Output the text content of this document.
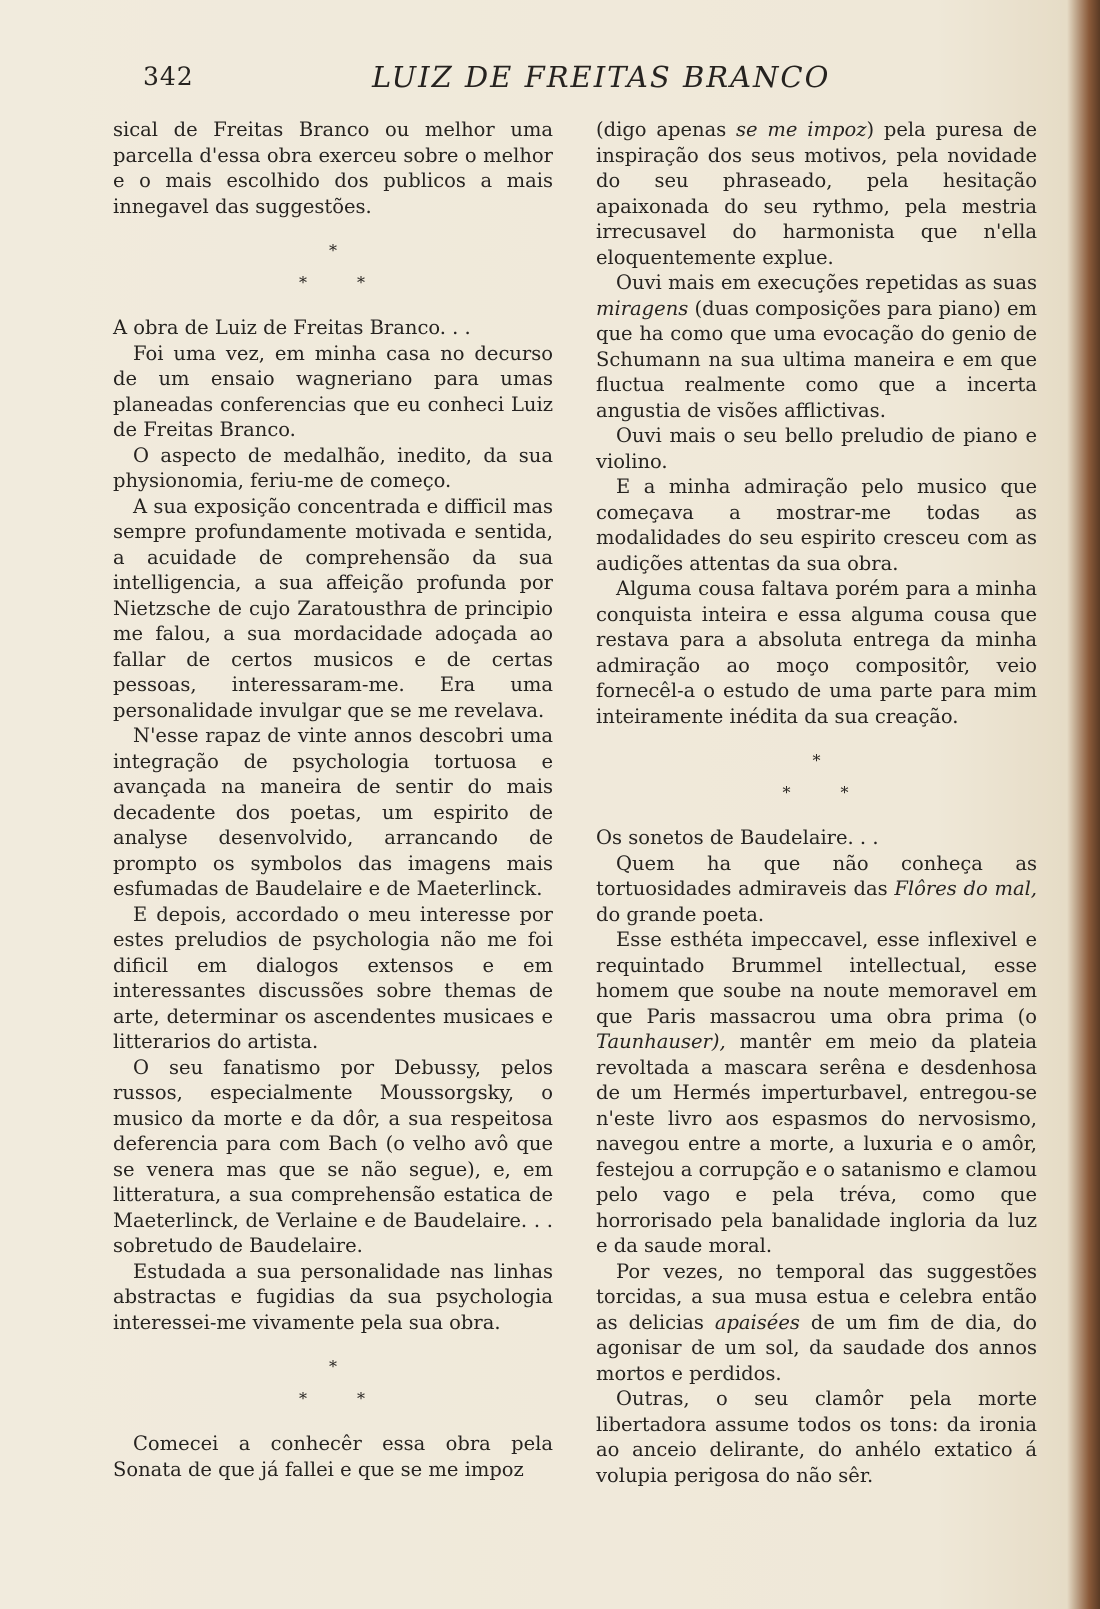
342	LUIZ DE FREITAS BRANCO

sical de Freitas Branco ou melhor uma parcella d'essa obra exerceu sobre o melhor e o mais escolhido dos publicos a mais innegavel das suggestões.

*
*	*

A obra de Luiz de Freitas Branco. . .

Foi uma vez, em minha casa no decurso de um ensaio wagneriano para umas planeadas conferencias que eu conheci Luiz de Freitas Branco.

O aspecto de medalhão, inedito, da sua physionomia, feriu-me de começo.

A sua exposição concentrada e difficil mas sempre profundamente motivada e sentida, a acuidade de comprehensão da sua intelligencia, a sua affeição profunda por Nietzsche de cujo Zaratousthra de principio me falou, a sua mordacidade adoçada ao fallar de certos musicos e de certas pessoas, interessaram-me. Era uma personalidade invulgar que se me revelava.

N'esse rapaz de vinte annos descobri uma integração de psychologia tortuosa e avançada na maneira de sentir do mais decadente dos poetas, um espirito de analyse desenvolvido, arrancando de prompto os symbolos das imagens mais esfumadas de Baudelaire e de Maeterlinck.

E depois, accordado o meu interesse por estes preludios de psychologia não me foi dificil em dialogos extensos e em interessantes discussões sobre themas de arte, determinar os ascendentes musicaes e litterarios do artista.

O seu fanatismo por Debussy, pelos russos, especialmente Moussorgsky, o musico da morte e da dôr, a sua respeitosa deferencia para com Bach (o velho avô que se venera mas que se não segue), e, em litteratura, a sua comprehensão estatica de Maeterlinck, de Verlaine e de Baudelaire. . . sobretudo de Baudelaire.

Estudada a sua personalidade nas linhas abstractas e fugidias da sua psychologia interessei-me vivamente pela sua obra.

*
*	*

Comecei a conhecêr essa obra pela Sonata de que já fallei e que se me impoz

(digo apenas se me impoz) pela puresa de inspiração dos seus motivos, pela novidade do seu phraseado, pela hesitação apaixonada do seu rythmo, pela mestria irrecusavel do harmonista que n'ella eloquentemente explue.

Ouvi mais em execuções repetidas as suas miragens (duas composições para piano) em que ha como que uma evocação do genio de Schumann na sua ultima maneira e em que fluctua realmente como que a incerta angustia de visões afflictivas.

Ouvi mais o seu bello preludio de piano e violino.

E a minha admiração pelo musico que começava a mostrar-me todas as modalidades do seu espirito cresceu com as audições attentas da sua obra.

Alguma cousa faltava porém para a minha conquista inteira e essa alguma cousa que restava para a absoluta entrega da minha admiração ao moço compositôr, veio fornecêl-a o estudo de uma parte para mim inteiramente inédita da sua creação.

*
*	*

Os sonetos de Baudelaire. . .

Quem ha que não conheça as tortuosidades admiraveis das Flôres do mal, do grande poeta.

Esse esthéta impeccavel, esse inflexivel e requintado Brummel intellectual, esse homem que soube na noute memoravel em que Paris massacrou uma obra prima (o Taunhauser), mantêr em meio da plateia revoltada a mascara serêna e desdenhosa de um Hermés imperturbavel, entregou-se n'este livro aos espasmos do nervosismo, navegou entre a morte, a luxuria e o amôr, festejou a corrupção e o satanismo e clamou pelo vago e pela tréva, como que horrorisado pela banalidade ingloria da luz e da saude moral.

Por vezes, no temporal das suggestões torcidas, a sua musa estua e celebra então as delicias apaisées de um fim de dia, do agonisar de um sol, da saudade dos annos mortos e perdidos.

Outras, o seu clamôr pela morte libertadora assume todos os tons: da ironia ao anceio delirante, do anhélo extatico á volupia perigosa do não sêr.
